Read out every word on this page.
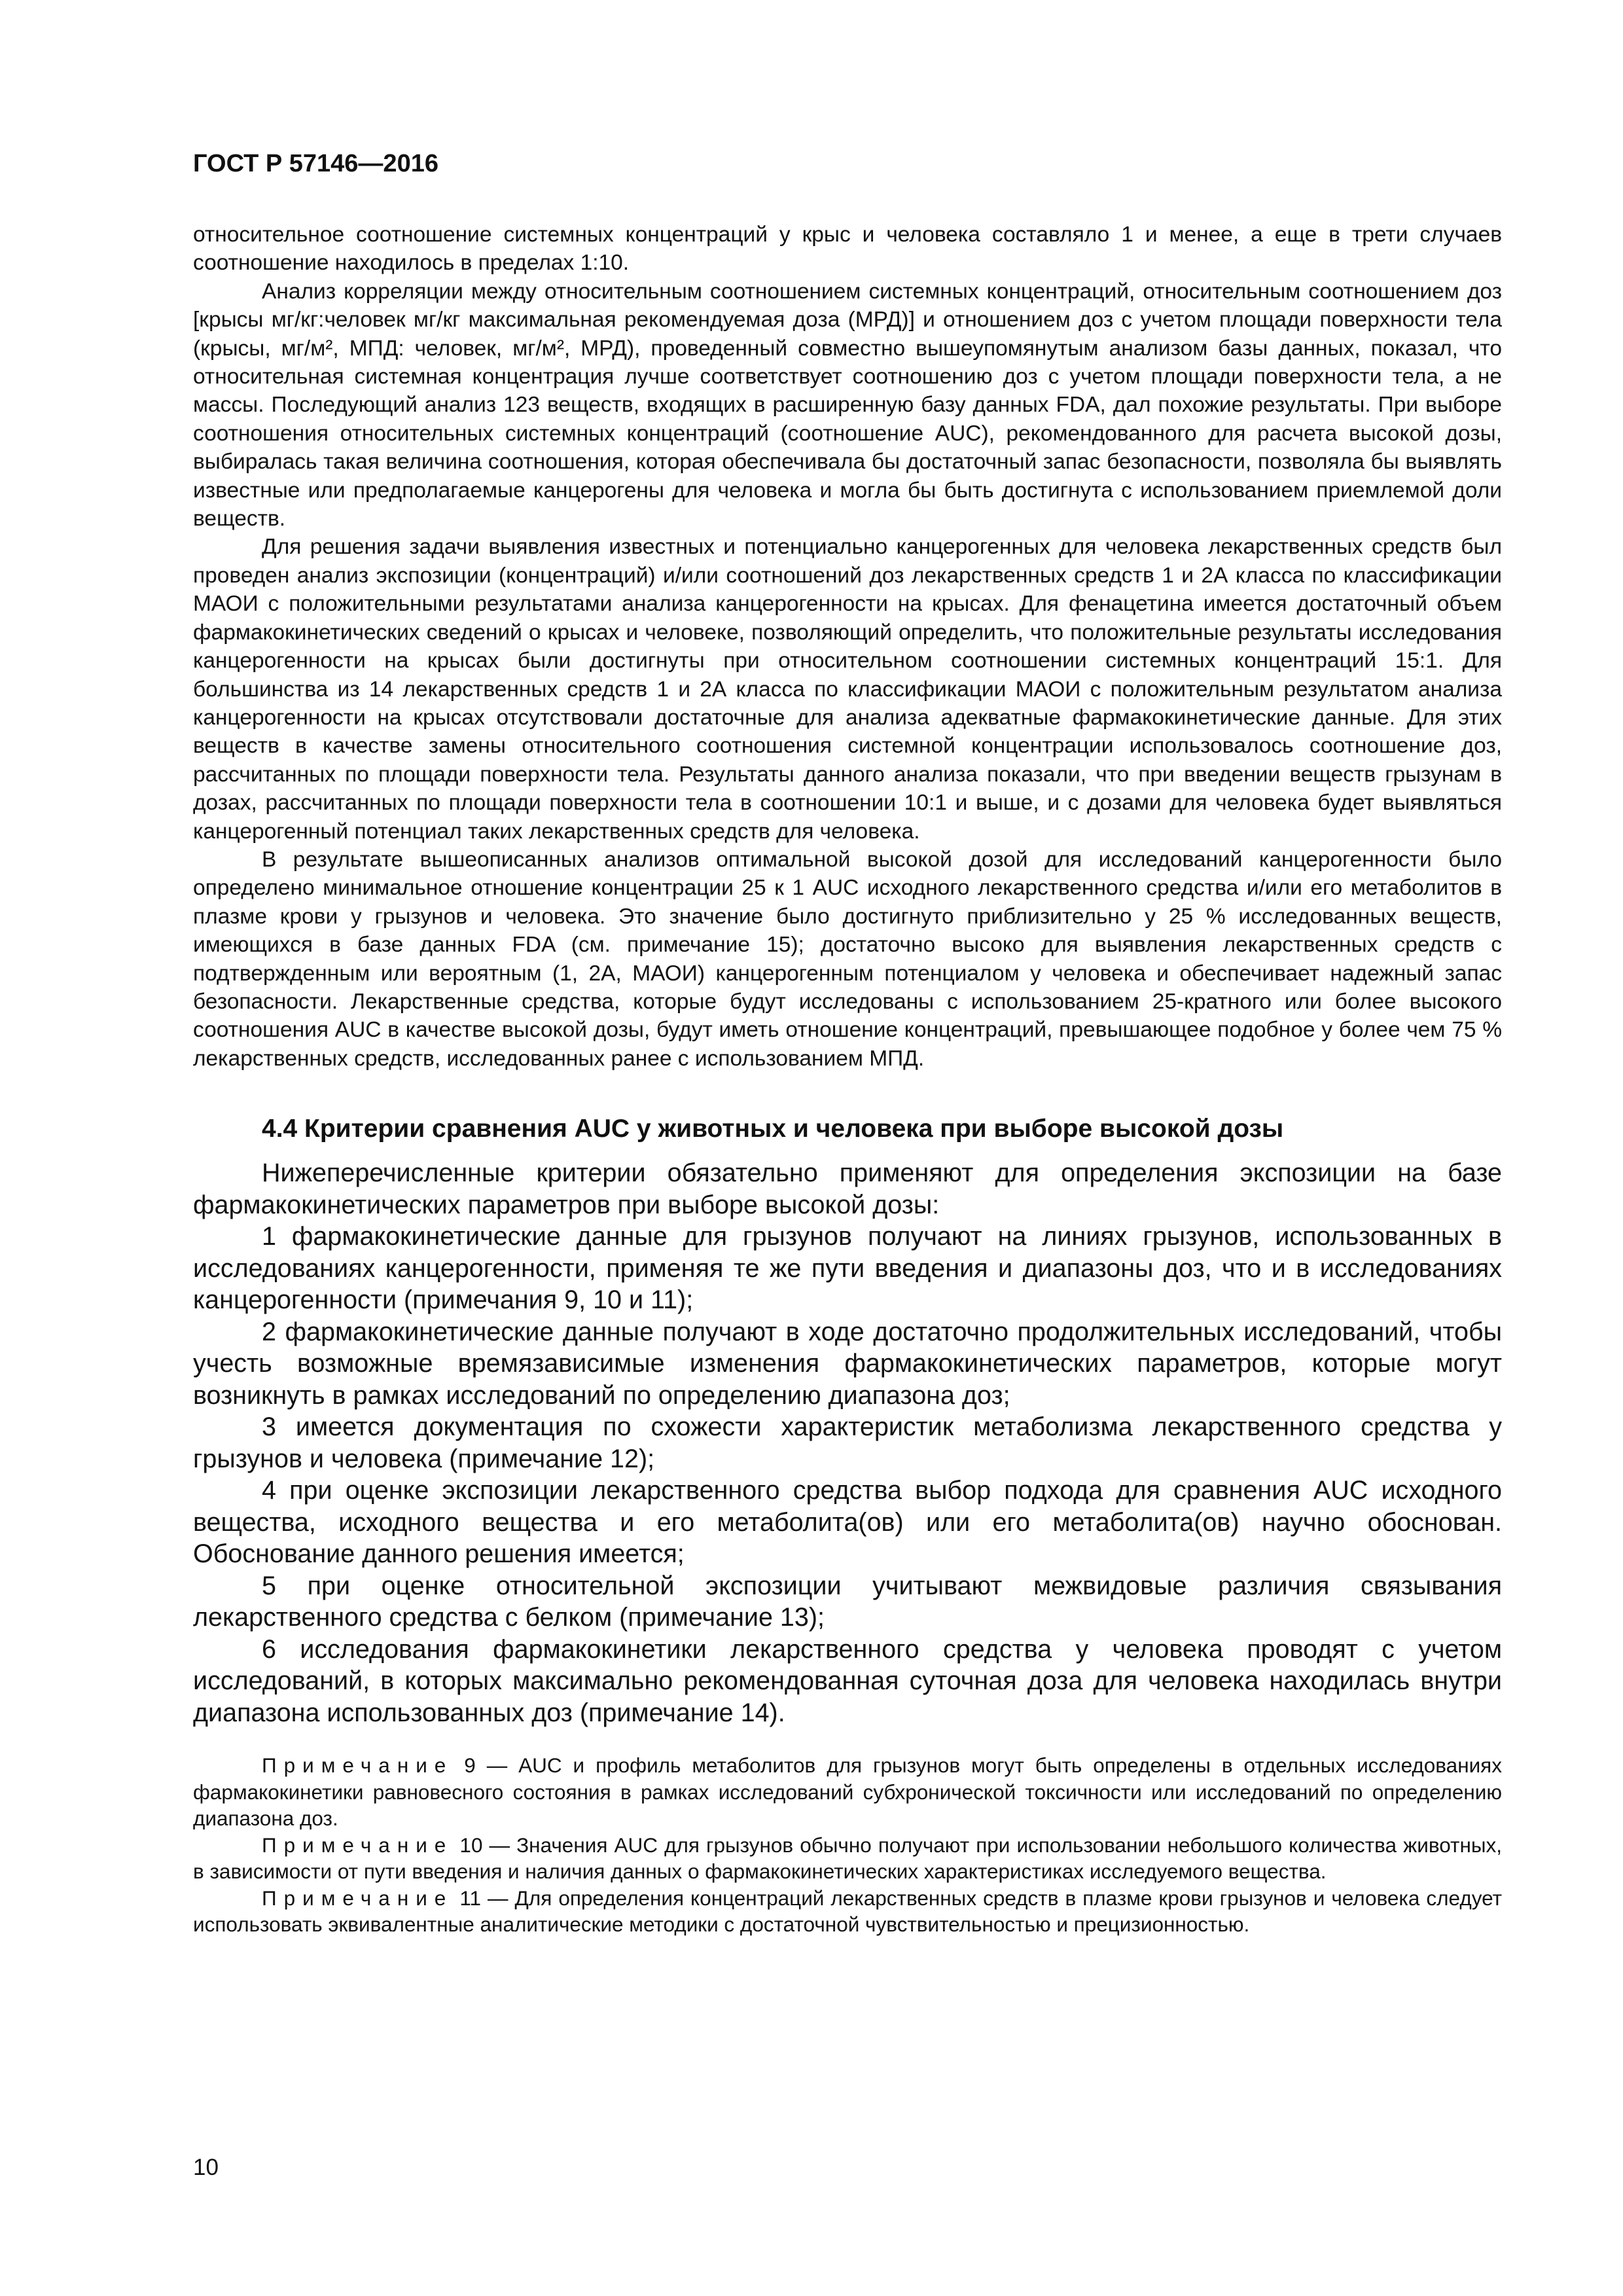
ГОСТ Р 57146—2016

относительное соотношение системных концентраций у крыс и человека составляло 1 и менее, а еще в трети случаев соотношение находилось в пределах 1:10.

Анализ корреляции между относительным соотношением системных концентраций, относительным соотношением доз [крысы мг/кг:человек мг/кг максимальная рекомендуемая доза (МРД)] и отношением доз с учетом площади поверхности тела (крысы, мг/м², МПД: человек, мг/м², МРД), проведенный совместно вышеупомянутым анализом базы данных, показал, что относительная системная концентрация лучше соответствует соотношению доз с учетом площади поверхности тела, а не массы. Последующий анализ 123 веществ, входящих в расширенную базу данных FDA, дал похожие результаты. При выборе соотношения относительных системных концентраций (соотношение AUC), рекомендованного для расчета высокой дозы, выбиралась такая величина соотношения, которая обеспечивала бы достаточный запас безопасности, позволяла бы выявлять известные или предполагаемые канцерогены для человека и могла бы быть достигнута с использованием приемлемой доли веществ.

Для решения задачи выявления известных и потенциально канцерогенных для человека лекарственных средств был проведен анализ экспозиции (концентраций) и/или соотношений доз лекарственных средств 1 и 2А класса по классификации МАОИ с положительными результатами анализа канцерогенности на крысах. Для фенацетина имеется достаточный объем фармакокинетических сведений о крысах и человеке, позволяющий определить, что положительные результаты исследования канцерогенности на крысах были достигнуты при относительном соотношении системных концентраций 15:1. Для большинства из 14 лекарственных средств 1 и 2А класса по классификации МАОИ с положительным результатом анализа канцерогенности на крысах отсутствовали достаточные для анализа адекватные фармакокинетические данные. Для этих веществ в качестве замены относительного соотношения системной концентрации использовалось соотношение доз, рассчитанных по площади поверхности тела. Результаты данного анализа показали, что при введении веществ грызунам в дозах, рассчитанных по площади поверхности тела в соотношении 10:1 и выше, и с дозами для человека будет выявляться канцерогенный потенциал таких лекарственных средств для человека.

В результате вышеописанных анализов оптимальной высокой дозой для исследований канцерогенности было определено минимальное отношение концентрации 25 к 1 AUC исходного лекарственного средства и/или его метаболитов в плазме крови у грызунов и человека. Это значение было достигнуто приблизительно у 25 % исследованных веществ, имеющихся в базе данных FDA (см. примечание 15); достаточно высоко для выявления лекарственных средств с подтвержденным или вероятным (1, 2А, МАОИ) канцерогенным потенциалом у человека и обеспечивает надежный запас безопасности. Лекарственные средства, которые будут исследованы с использованием 25-кратного или более высокого соотношения AUC в качестве высокой дозы, будут иметь отношение концентраций, превышающее подобное у более чем 75 % лекарственных средств, исследованных ранее с использованием МПД.

4.4 Критерии сравнения AUC у животных и человека при выборе высокой дозы

Нижеперечисленные критерии обязательно применяют для определения экспозиции на базе фармакокинетических параметров при выборе высокой дозы:

1 фармакокинетические данные для грызунов получают на линиях грызунов, использованных в исследованиях канцерогенности, применяя те же пути введения и диапазоны доз, что и в исследованиях канцерогенности (примечания 9, 10 и 11);

2 фармакокинетические данные получают в ходе достаточно продолжительных исследований, чтобы учесть возможные времязависимые изменения фармакокинетических параметров, которые могут возникнуть в рамках исследований по определению диапазона доз;

3 имеется документация по схожести характеристик метаболизма лекарственного средства у грызунов и человека (примечание 12);

4 при оценке экспозиции лекарственного средства выбор подхода для сравнения AUC исходного вещества, исходного вещества и его метаболита(ов) или его метаболита(ов) научно обоснован. Обоснование данного решения имеется;

5 при оценке относительной экспозиции учитывают межвидовые различия связывания лекарственного средства с белком (примечание 13);

6 исследования фармакокинетики лекарственного средства у человека проводят с учетом исследований, в которых максимально рекомендованная суточная доза для человека находилась внутри диапазона использованных доз (примечание 14).

Примечание 9 — AUC и профиль метаболитов для грызунов могут быть определены в отдельных исследованиях фармакокинетики равновесного состояния в рамках исследований субхронической токсичности или исследований по определению диапазона доз.

Примечание 10 — Значения AUC для грызунов обычно получают при использовании небольшого количества животных, в зависимости от пути введения и наличия данных о фармакокинетических характеристиках исследуемого вещества.

Примечание 11 — Для определения концентраций лекарственных средств в плазме крови грызунов и человека следует использовать эквивалентные аналитические методики с достаточной чувствительностью и прецизионностью.

10
